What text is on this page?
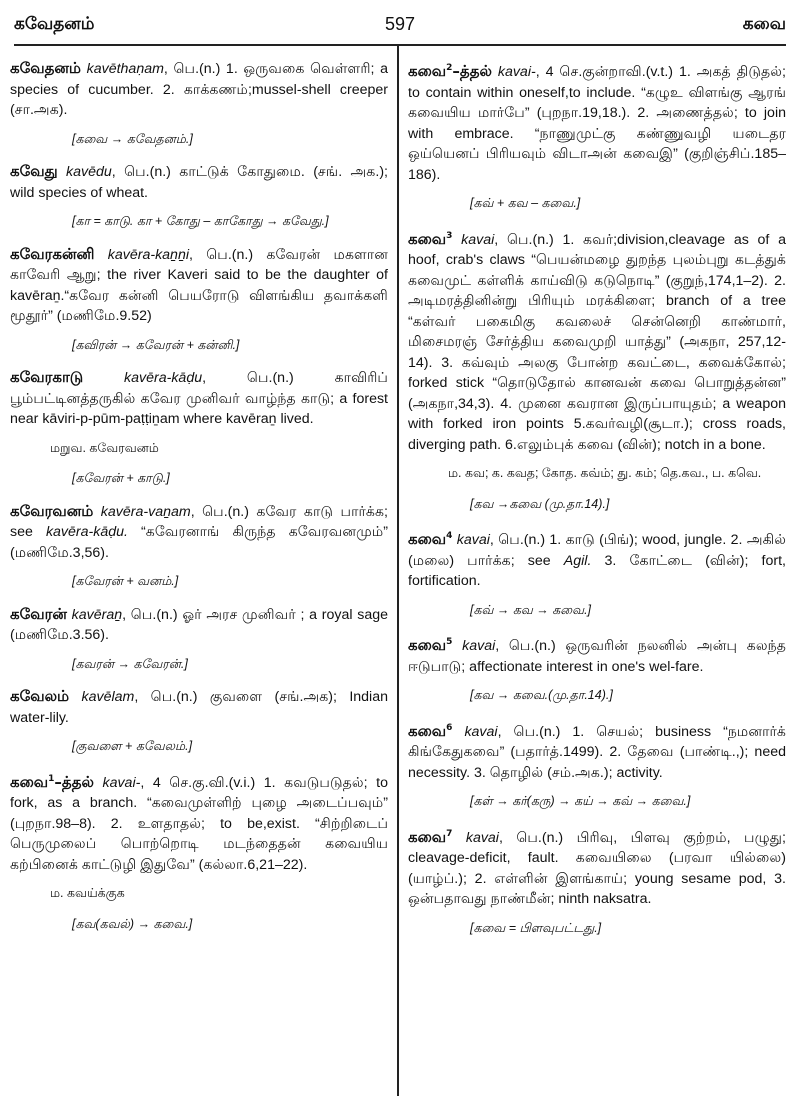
கவேதனம்	597	கவை
கவேதனம் kavēthaṇam, பெ.(n.) 1. ஒருவகை வெள்ளரி; a species of cucumber. 2. காக்கணம்;mussel-shell creeper (சா.அக).
[கவை → கவேதனம்.]
கவேது kavēdu, பெ.(n.) காட்டுக் கோதுமை. (சங். அக.); wild species of wheat.
[கா = காடு. கா + கோது – காகோது → கவேது.]
கவேரகன்னி kavēra-kaṉṉi, பெ.(n.) கவேரன் மகளான காவேரி ஆறு; the river Kaveri said to be the daughter of kavēraṉ.“கவேர கன்னி பெயரோடு விளங்கிய தவாக்களி மூதூர்” (மணிமே.9.52)
[கவிரன் → கவேரன் + கன்னி.]
கவேரகாடு	kavēra-kāḍu, பெ.(n.) காவிரிப் பூம்பட்டினத்தருகில் கவேர முனிவர் வாழ்ந்த காடு; a forest near kāviri-p-pūm-paṭṭiṉam where kavēraṉ lived.
மறுவ. கவேரவனம்
[கவேரன் + காடு.]
கவேரவனம் kavēra-vaṉam, பெ.(n.) கவேர காடு பார்க்க; see kavēra-kāḍu. “கவேரனாங் கிருந்த கவேரவனமும்” (மணிமே.3,56).
[கவேரன் + வனம்.]
கவேரன் kavēraṉ, பெ.(n.) ஓர் அரச முனிவர் ; a royal sage (மணிமே.3.56).
[கவரன் → கவேரன்.]
கவேலம் kavēlam, பெ.(n.) குவளை (சங்.அக); Indian water-lily.
[குவளை + கவேலம்.]
கவை$^1$–த்தல் kavai-, 4 செ.கு.வி.(v.i.) 1. கவடுபடுதல்; to fork, as a branch. “கவைமுள்ளிற் புழை அடைப்பவும்” (புறநா.98–8). 2. உளதாதல்; to be,exist. “சிற்றிடைப் பெருமுலைப் பொற்றொடி மடந்தைதன் கவையிய கற்பினைக் காட்டுழி இதுவே” (கல்லா.6,21–22).
ம. கவய்க்குக
[கவ(கவல்) → கவை.]
கவை$^2$–த்தல் kavai-, 4 செ.குன்றாவி.(v.t.) 1. அகத் திடுதல்; to contain within oneself,to include. “கழுஉ விளங்கு ஆரங் கவையிய மார்பே” (புறநா.19,18.). 2. அணைத்தல்; to join with embrace. “நாணுமுட்கு கண்ணுவழி யடைதர ஒய்யெனப் பிரியவும் விடாஅன் கவைஇ” (குறிஞ்சிப்.185–186).
[கவ் + கவ – கவை.]
கவை$^3$ kavai, பெ.(n.) 1. கவர்;division,cleavage as of a hoof, crab's claws “பெயன்மழை துறந்த புலம்புறு கடத்துக் கவைமுட் கள்ளிக் காய்விடு கடுநொடி” (குறுந்,174,1–2). 2. அடிமரத்தினின்று பிரியும் மரக்கிளை; branch of a tree “கள்வர் பகைமிகு கவலைச் சென்னெறி காண்மார், மிசைமரஞ் சேர்த்திய கவைமுறி யாத்து” (அகநா, 257,12-14). 3. கவ்வும் அலகு போன்ற கவட்டை, கவைக்கோல்; forked stick “தொடுதோல் கானவன் கவை பொறுத்தன்ன” (அகநா,34,3). 4. முனை கவரான இருப்பாயுதம்; a weapon with forked iron points 5.கவர்வழி(சூடா.); cross roads, diverging path. 6.எலும்புக் கவை (வின்); notch in a bone.
ம. கவ; க. கவத; கோத. கவ்ம்; து. கம்; தெ.கவ., ப. கவெ.
[கவ →கவை (மு.தா.14).]
கவை$^4$ kavai, பெ.(n.) 1. காடு (பிங்); wood, jungle. 2. அகில் (மலை) பார்க்க; see Agil. 3. கோட்டை (வின்); fort, fortification.
[கவ் → கவ → கவை.]
கவை$^5$ kavai, பெ.(n.) ஒருவரின் நலனில் அன்பு கலந்த ஈடுபாடு; affectionate interest in one's wel-fare.
[கவ → கவை.(மு.தா.14).]
கவை$^6$ kavai, பெ.(n.) 1. செயல்; business “நமனார்க் கிங்கேதுகவை” (பதார்த்.1499). 2. தேவை (பாண்டி.,); need necessity. 3. தொழில் (சம்.அக.); activity.
[கள் → கர்(கரு) → கய் → கவ் → கவை.]
கவை$^7$ kavai, பெ.(n.) பிரிவு, பிளவு குற்றம், பழுது; cleavage-deficit, fault. கவையிலை (பரவா யில்லை) (யாழ்ப்.); 2. எள்ளின் இளங்காய்; young sesame pod, 3. ஒன்பதாவது நாண்மீன்; ninth naksatra.
[கவை = பிளவுபட்டது.]
